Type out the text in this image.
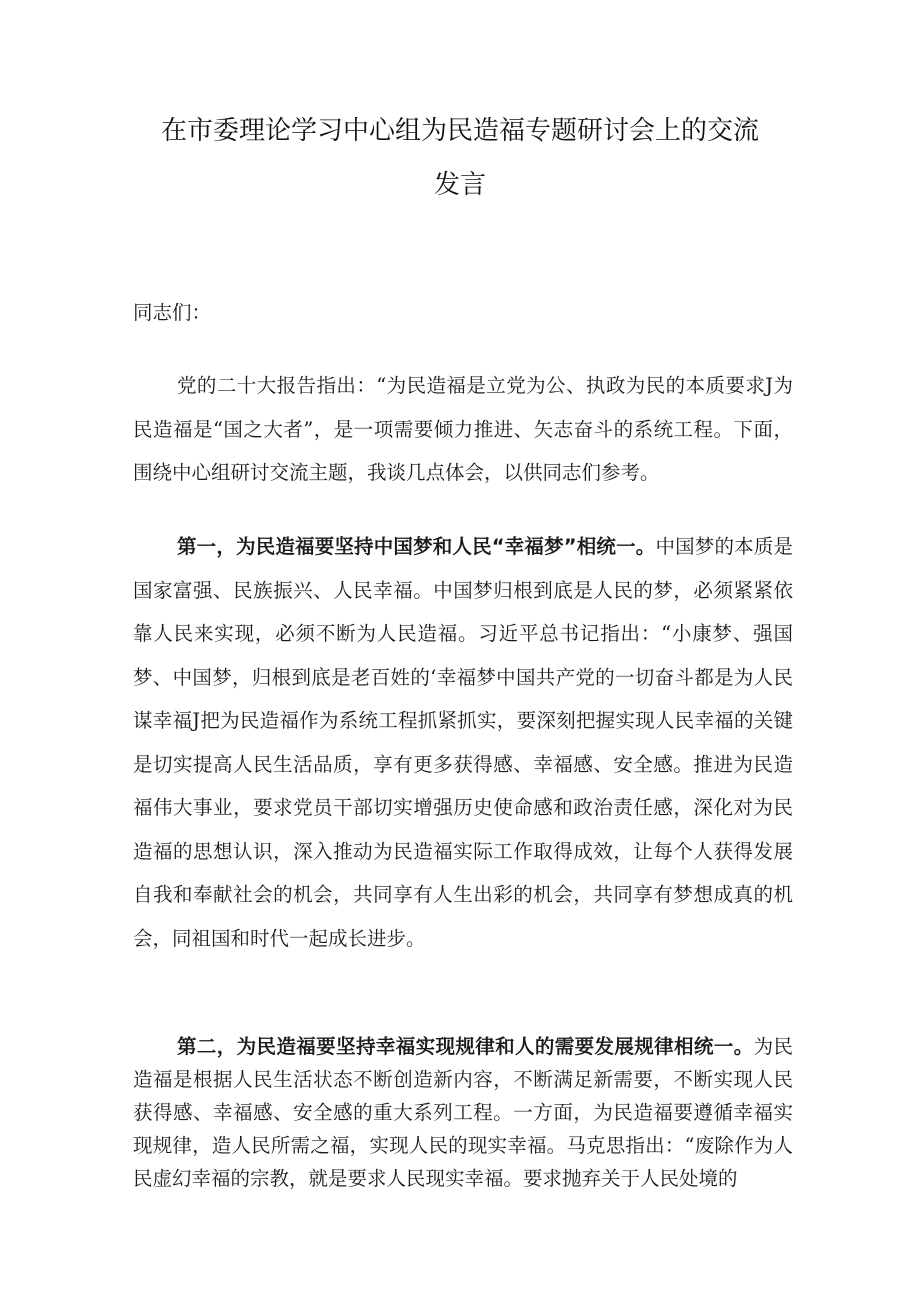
在市委理论学习中心组为民造福专题研讨会上的交流
发言

同志们：

党的二十大报告指出：“为民造福是立党为公、执政为民的本质要求J为民造福是“国之大者”，是一项需要倾力推进、矢志奋斗的系统工程。下面，围绕中心组研讨交流主题，我谈几点体会，以供同志们参考。

第一，为民造福要坚持中国梦和人民“幸福梦”相统一。中国梦的本质是国家富强、民族振兴、人民幸福。中国梦归根到底是人民的梦，必须紧紧依靠人民来实现，必须不断为人民造福。习近平总书记指出：“小康梦、强国梦、中国梦，归根到底是老百姓的‘幸福梦中国共产党的一切奋斗都是为人民谋幸福J把为民造福作为系统工程抓紧抓实，要深刻把握实现人民幸福的关键是切实提高人民生活品质，享有更多获得感、幸福感、安全感。推进为民造福伟大事业，要求党员干部切实增强历史使命感和政治责任感，深化对为民造福的思想认识，深入推动为民造福实际工作取得成效，让每个人获得发展自我和奉献社会的机会，共同享有人生出彩的机会，共同享有梦想成真的机会，同祖国和时代一起成长进步。

第二，为民造福要坚持幸福实现规律和人的需要发展规律相统一。为民造福是根据人民生活状态不断创造新内容，不断满足新需要，不断实现人民获得感、幸福感、安全感的重大系列工程。一方面，为民造福要遵循幸福实现规律，造人民所需之福，实现人民的现实幸福。马克思指出：“废除作为人民虚幻幸福的宗教，就是要求人民现实幸福。要求抛弃关于人民处境的
